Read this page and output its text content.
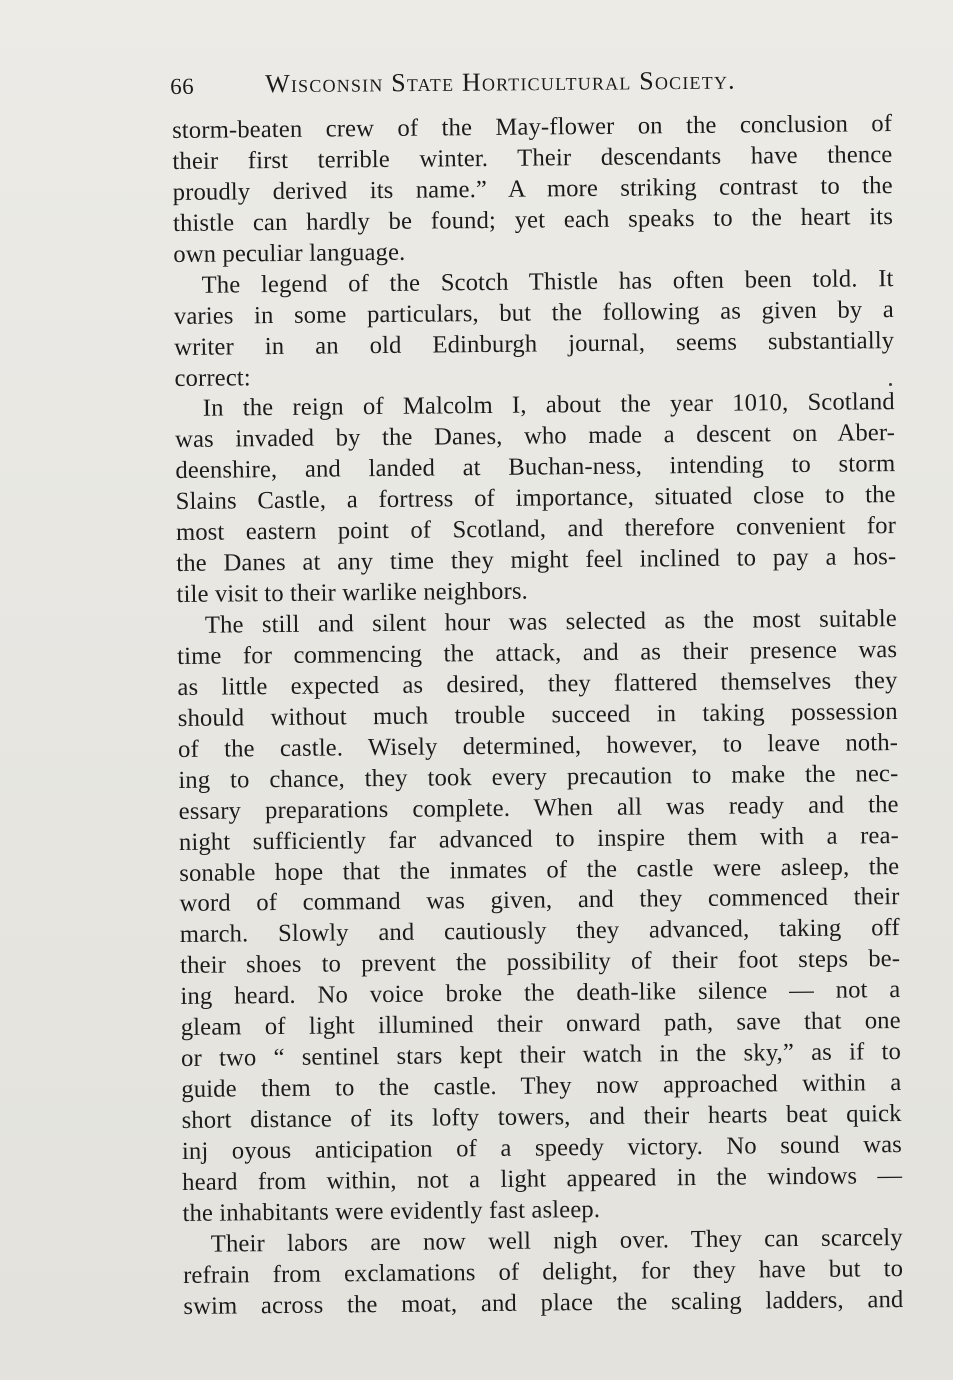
66	Wisconsin State Horticultural Society.
storm-beaten crew of the May-flower on the conclusion of
their first terrible winter. Their descendants have thence
proudly derived its name.” A more striking contrast to the
thistle can hardly be found; yet each speaks to the heart its
own peculiar language.
The legend of the Scotch Thistle has often been told. It
varies in some particulars, but the following as given by a
writer in an old Edinburgh journal, seems substantially
correct:
In the reign of Malcolm I, about the year 1010, Scotland
was invaded by the Danes, who made a descent on Aber-
deenshire, and landed at Buchan-ness, intending to storm
Slains Castle, a fortress of importance, situated close to the
most eastern point of Scotland, and therefore convenient for
the Danes at any time they might feel inclined to pay a hos-
tile visit to their warlike neighbors.
The still and silent hour was selected as the most suitable
time for commencing the attack, and as their presence was
as little expected as desired, they flattered themselves they
should without much trouble succeed in taking possession
of the castle. Wisely determined, however, to leave noth-
ing to chance, they took every precaution to make the nec-
essary preparations complete. When all was ready and the
night sufficiently far advanced to inspire them with a rea-
sonable hope that the inmates of the castle were asleep, the
word of command was given, and they commenced their
march. Slowly and cautiously they advanced, taking off
their shoes to prevent the possibility of their foot steps be-
ing heard. No voice broke the death-like silence — not a
gleam of light illumined their onward path, save that one
or two “ sentinel stars kept their watch in the sky,” as if to
guide them to the castle. They now approached within a
short distance of its lofty towers, and their hearts beat quick
inj oyous anticipation of a speedy victory. No sound was
heard from within, not a light appeared in the windows —
the inhabitants were evidently fast asleep.
Their labors are now well nigh over. They can scarcely
refrain from exclamations of delight, for they have but to
swim across the moat, and place the scaling ladders, and
